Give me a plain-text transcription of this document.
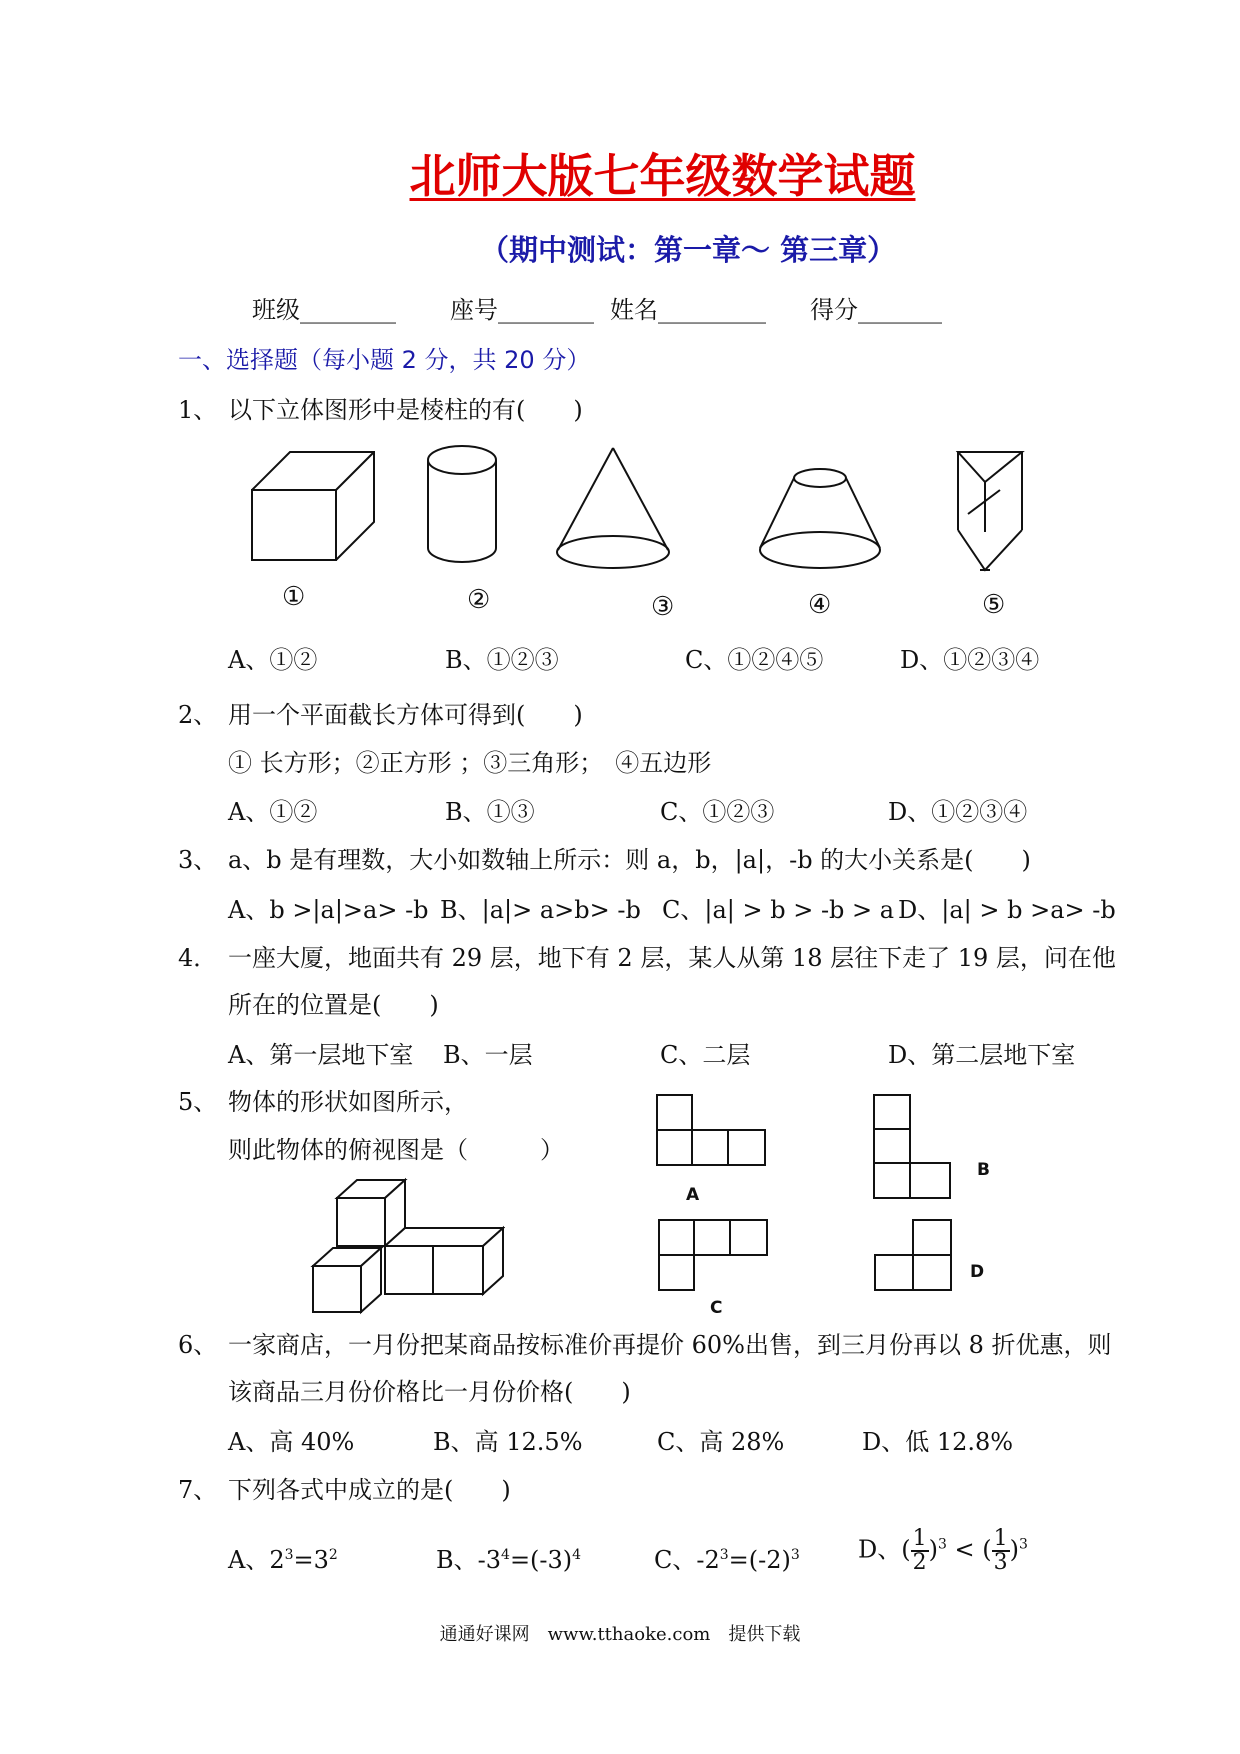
北师大版七年级数学试题
（期中测试：第一章～ 第三章）
班级________ 座号________ 姓名_________ 得分_______
一、选择题（每小题 2 分，共 20 分）
1、 以下立体图形中是棱柱的有(　　)
①	②	③	④	⑤
A、①②	B、①②③	C、①②④⑤	D、①②③④
2、 用一个平面截长方体可得到(　　)
① 长方形；②正方形 ；③三角形；　④五边形
A、①②	B、①③	C、①②③	D、①②③④
3、 a、b 是有理数，大小如数轴上所示：则 a，b，|a|，-b 的大小关系是(　　)
A、b >|a|>a> -b B、|a|> a>b> -b C、|a| > b > -b > a D、|a| > b >a> -b
4． 一座大厦，地面共有 29 层，地下有 2 层，某人从第 18 层往下走了 19 层，问在他
所在的位置是(　　)
A、第一层地下室 B、一层	C、二层	D、第二层地下室
5、 物体的形状如图所示，
则此物体的俯视图是（　　　）
A
B
C
D
6、 一家商店，一月份把某商品按标准价再提价 60%出售，到三月份再以 8 折优惠，则
该商品三月份价格比一月份价格(　　)
A、高 40%	B、高 12.5%	C、高 28%	D、低 12.8%
7、 下列各式中成立的是(　　)
A、$2^3=3^2$	B、$-3^4=(-3)^4$	C、$-2^3=(-2)^3$ D、( $\frac{1}{2} )^3$ < ( $\frac{1}{3} )^3$
通通好课网　www.tthaoke.com　提供下载
